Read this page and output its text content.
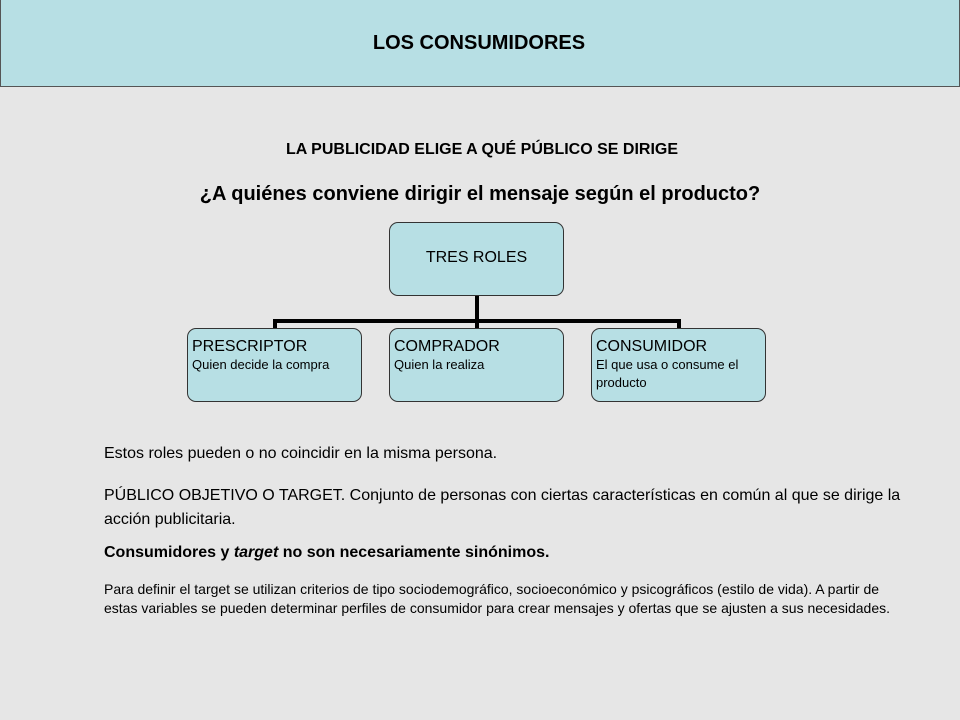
LOS CONSUMIDORES
LA PUBLICIDAD ELIGE A QUÉ PÚBLICO SE DIRIGE
¿A quiénes conviene dirigir el mensaje según el producto?
TRES ROLES
PRESCRIPTOR
Quien decide la compra
COMPRADOR
Quien la realiza
CONSUMIDOR
El que usa o consume el producto
Estos roles pueden o no coincidir en la misma persona.
PÚBLICO OBJETIVO O TARGET. Conjunto de personas con ciertas características en común al que se dirige la acción publicitaria.
Consumidores y target no son necesariamente sinónimos.
Para definir el target se utilizan criterios de tipo sociodemográfico, socioeconómico y psicográficos (estilo de vida). A partir de estas variables se pueden determinar perfiles de consumidor para crear mensajes y ofertas que se ajusten a sus necesidades.
